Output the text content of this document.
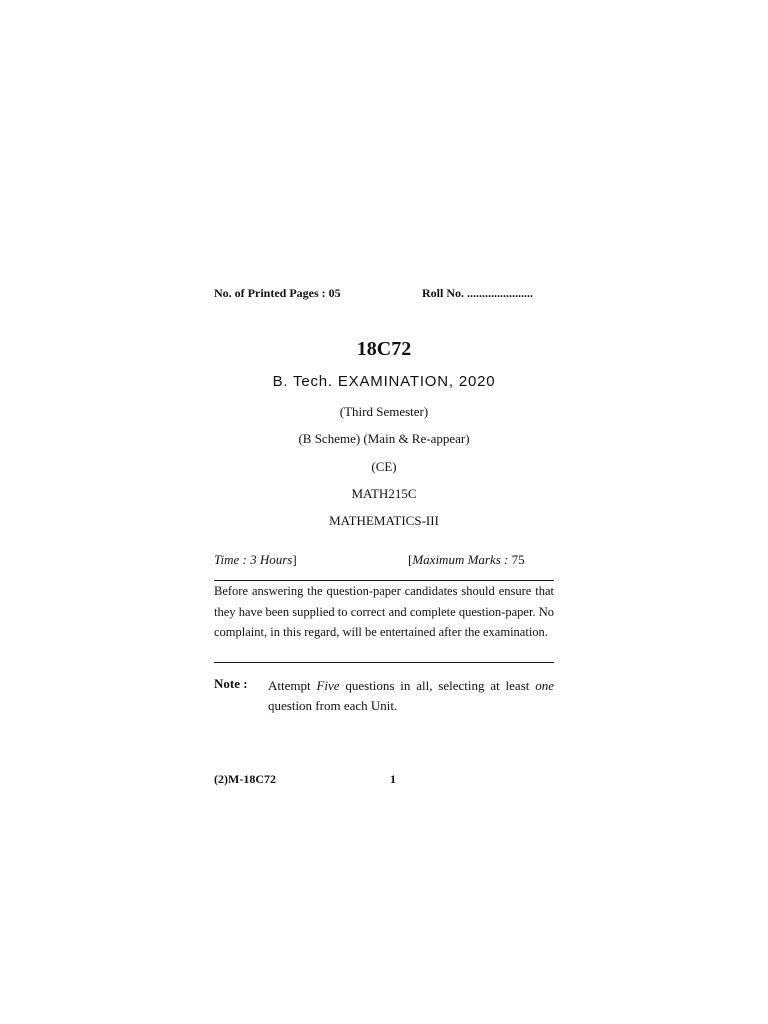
No. of Printed Pages : 05	Roll No. ......................
18C72
B. Tech. EXAMINATION, 2020
(Third Semester)
(B Scheme) (Main & Re-appear)
(CE)
MATH215C
MATHEMATICS-III
Time : 3 Hours]	[Maximum Marks : 75
Before answering the question-paper candidates should ensure that they have been supplied to correct and complete question-paper. No complaint, in this regard, will be entertained after the examination.
Note : Attempt Five questions in all, selecting at least one question from each Unit.
(2)M-18C72	1
